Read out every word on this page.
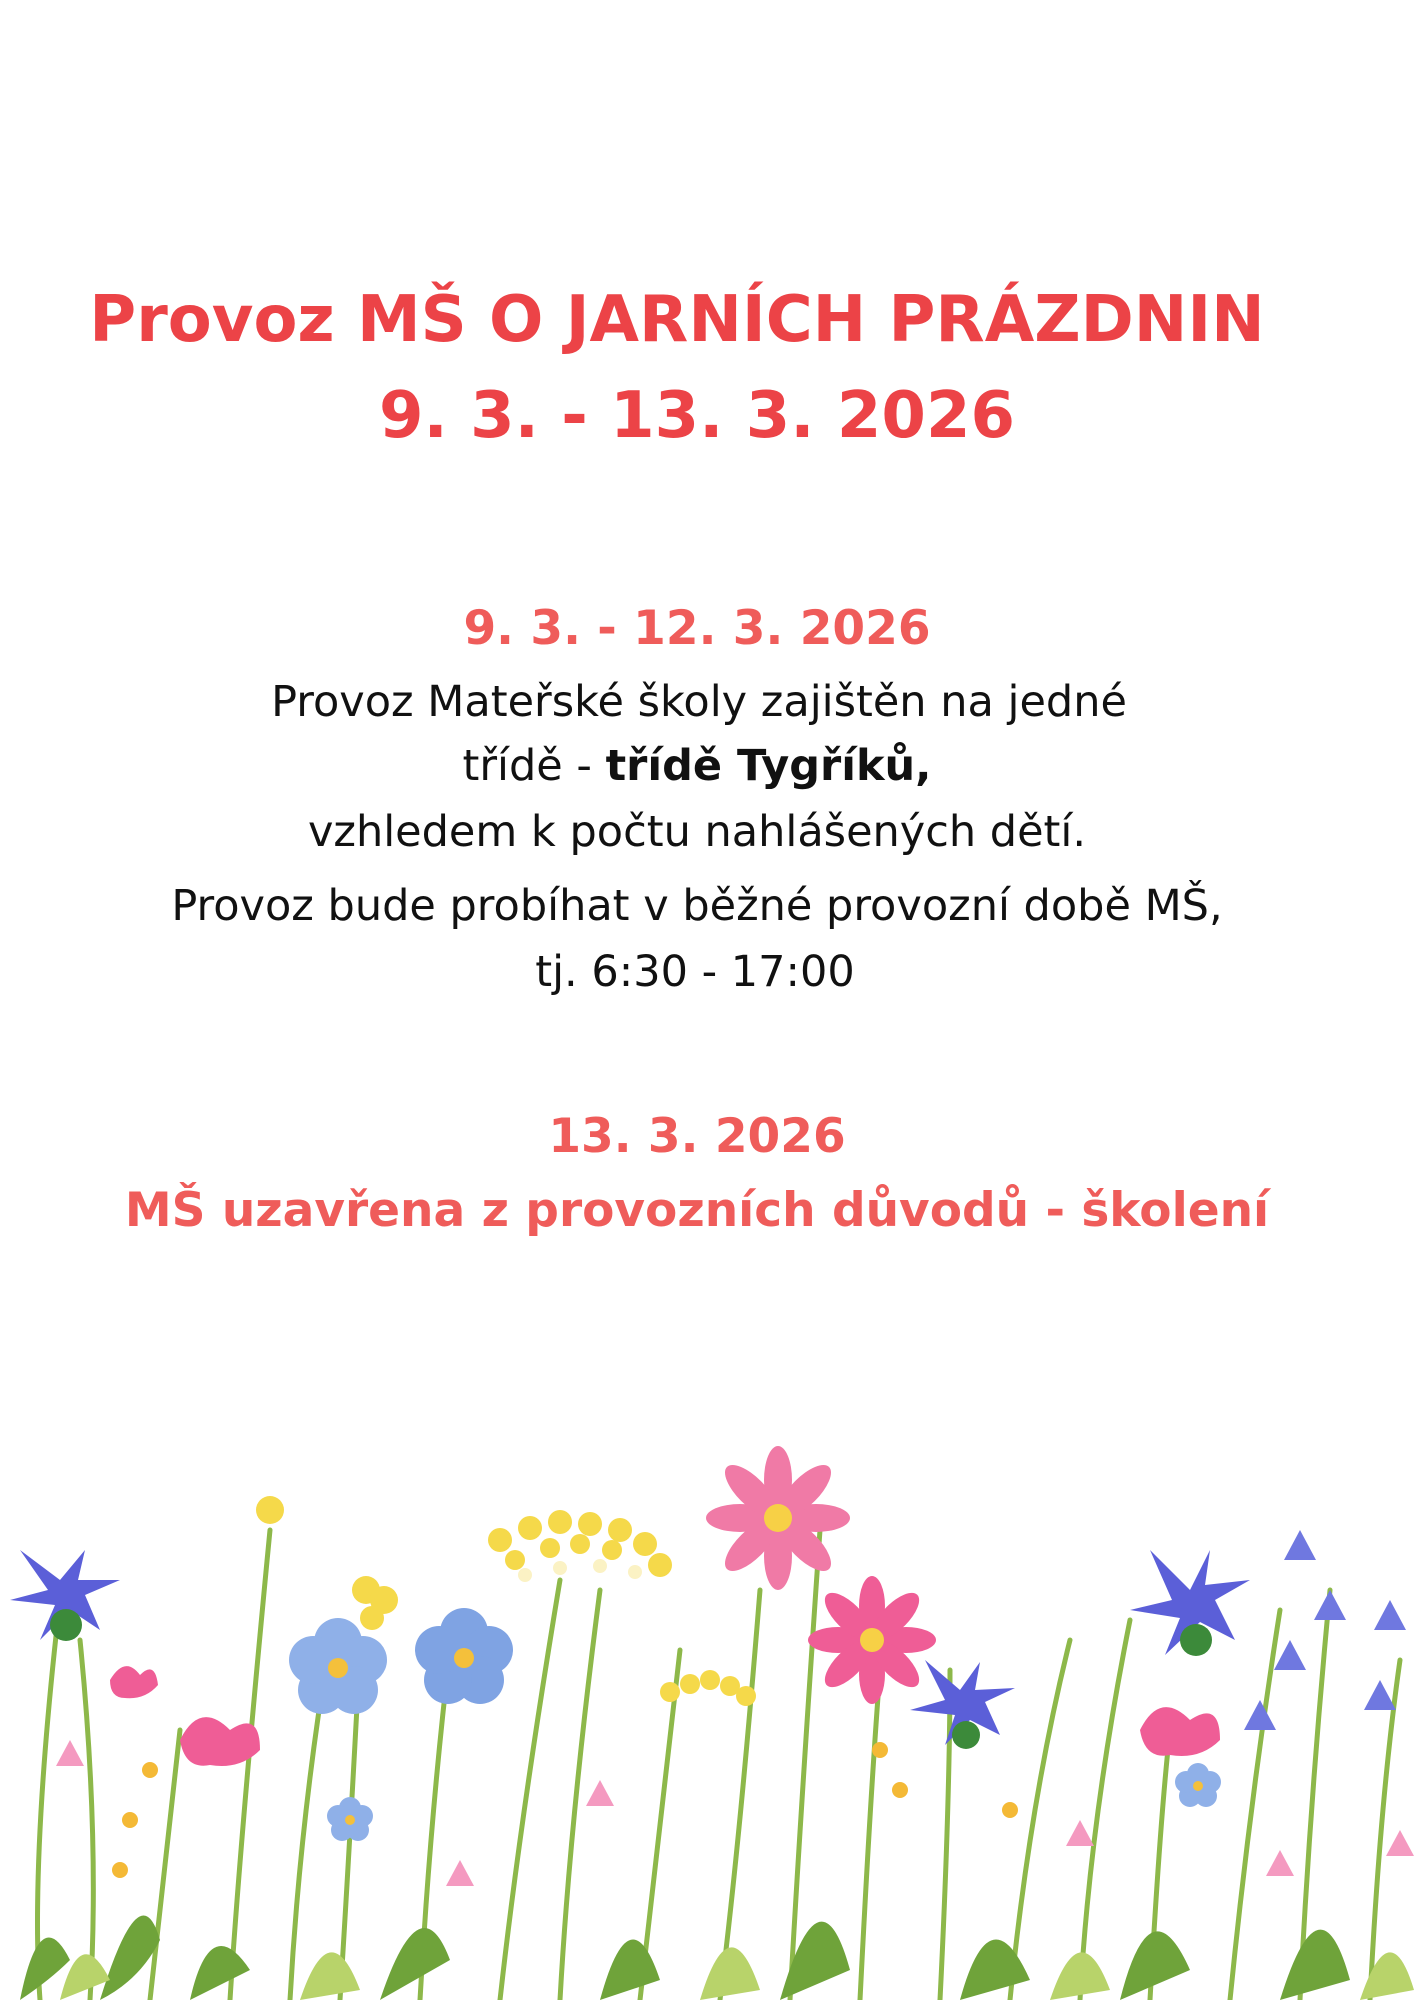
Provoz MŠ O JARNÍCH PRÁZDNIN
9. 3. - 13. 3. 2026

9. 3. - 12. 3. 2026

Provoz Mateřské školy zajištěn na jedné

třídě - třídě Tygříků,

vzhledem k počtu nahlášených dětí.

Provoz bude probíhat v běžné provozní době MŠ,

tj. 6:30 - 17:00

13. 3. 2026

MŠ uzavřena z provozních důvodů - školení
